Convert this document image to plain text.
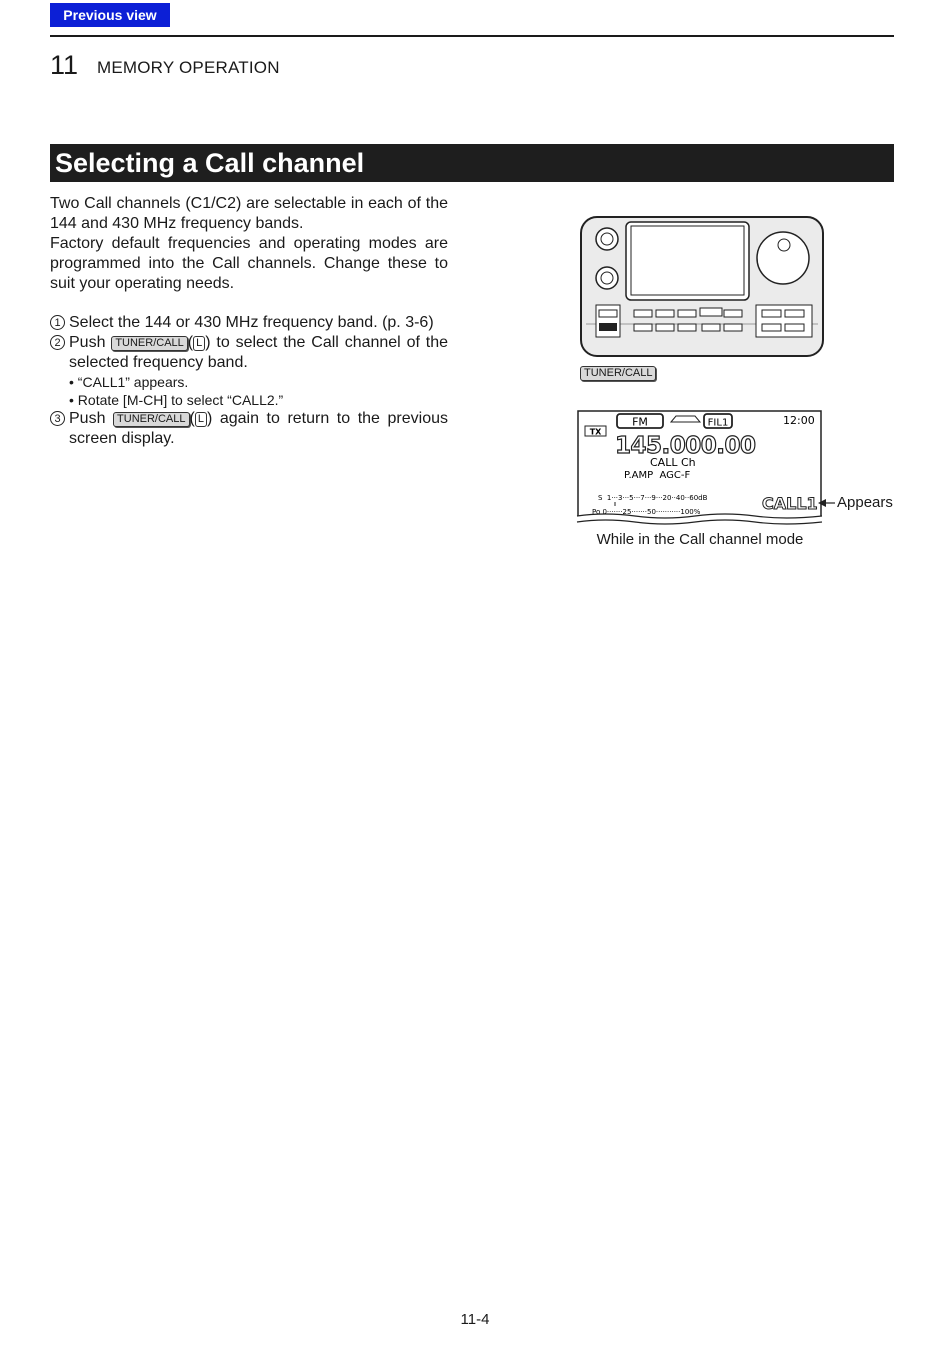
Previous view
11 MEMORY OPERATION
Selecting a Call channel
Two Call channels (C1/C2) are selectable in each of the
144 and 430 MHz frequency bands.
Factory default frequencies and operating modes are
programmed into the Call channels. Change these to
suit your operating needs.
1 Select the 144 or 430 MHz frequency band. (p. 3-6)
2 Push TUNER/CALL ( L ) to select the Call channel of the
selected frequency band.
• “CALL1” appears.
• Rotate [M-CH] to select “CALL2.”
3 Push TUNER/CALL ( L ) again to return to the previous
screen display.
TUNER/CALL
TX
FM	FIL1	12:00
145.000.00
CALL Ch
P.AMP  AGC-F
S  1···3···5···7···9···20··40··60dB
Po 0·······25·······50···········100%	CALL1 Appears
While in the Call channel mode
11-4
